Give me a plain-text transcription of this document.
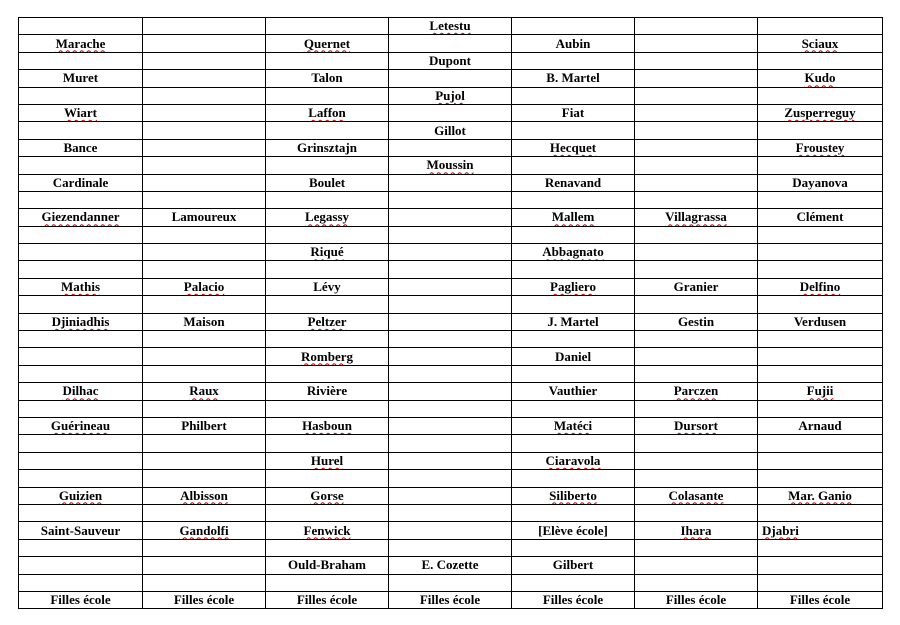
			Letestu			
Marache		Quernet		Aubin		Sciaux
			Dupont			
Muret		Talon		B. Martel		Kudo
			Pujol			
Wiart		Laffon		Fiat		Zusperreguy
			Gillot			
Bance		Grinsztajn		Hecquet		Froustey
			Moussin			
Cardinale		Boulet		Renavand		Dayanova

Giezendanner	Lamoureux	Legassy		Mallem	Villagrassa	Clément

		Riqué		Abbagnato		

Mathis	Palacio	Lévy		Pagliero	Granier	Delfino

Djiniadhis	Maison	Peltzer		J. Martel	Gestin	Verdusen

		Romberg		Daniel		

Dilhac	Raux	Rivière		Vauthier	Parczen	Fujii

Guérineau	Philbert	Hasboun		Matéci	Dursort	Arnaud

		Hurel		Ciaravola		

Guizien	Albisson	Gorse		Siliberto	Colasante	Mar. Ganio

Saint-Sauveur	Gandolfi	Fenwick		[Elève école]	Ihara	Djabri

		Ould-Braham	E. Cozette	Gilbert		

Filles école	Filles école	Filles école	Filles école	Filles école	Filles école	Filles école
